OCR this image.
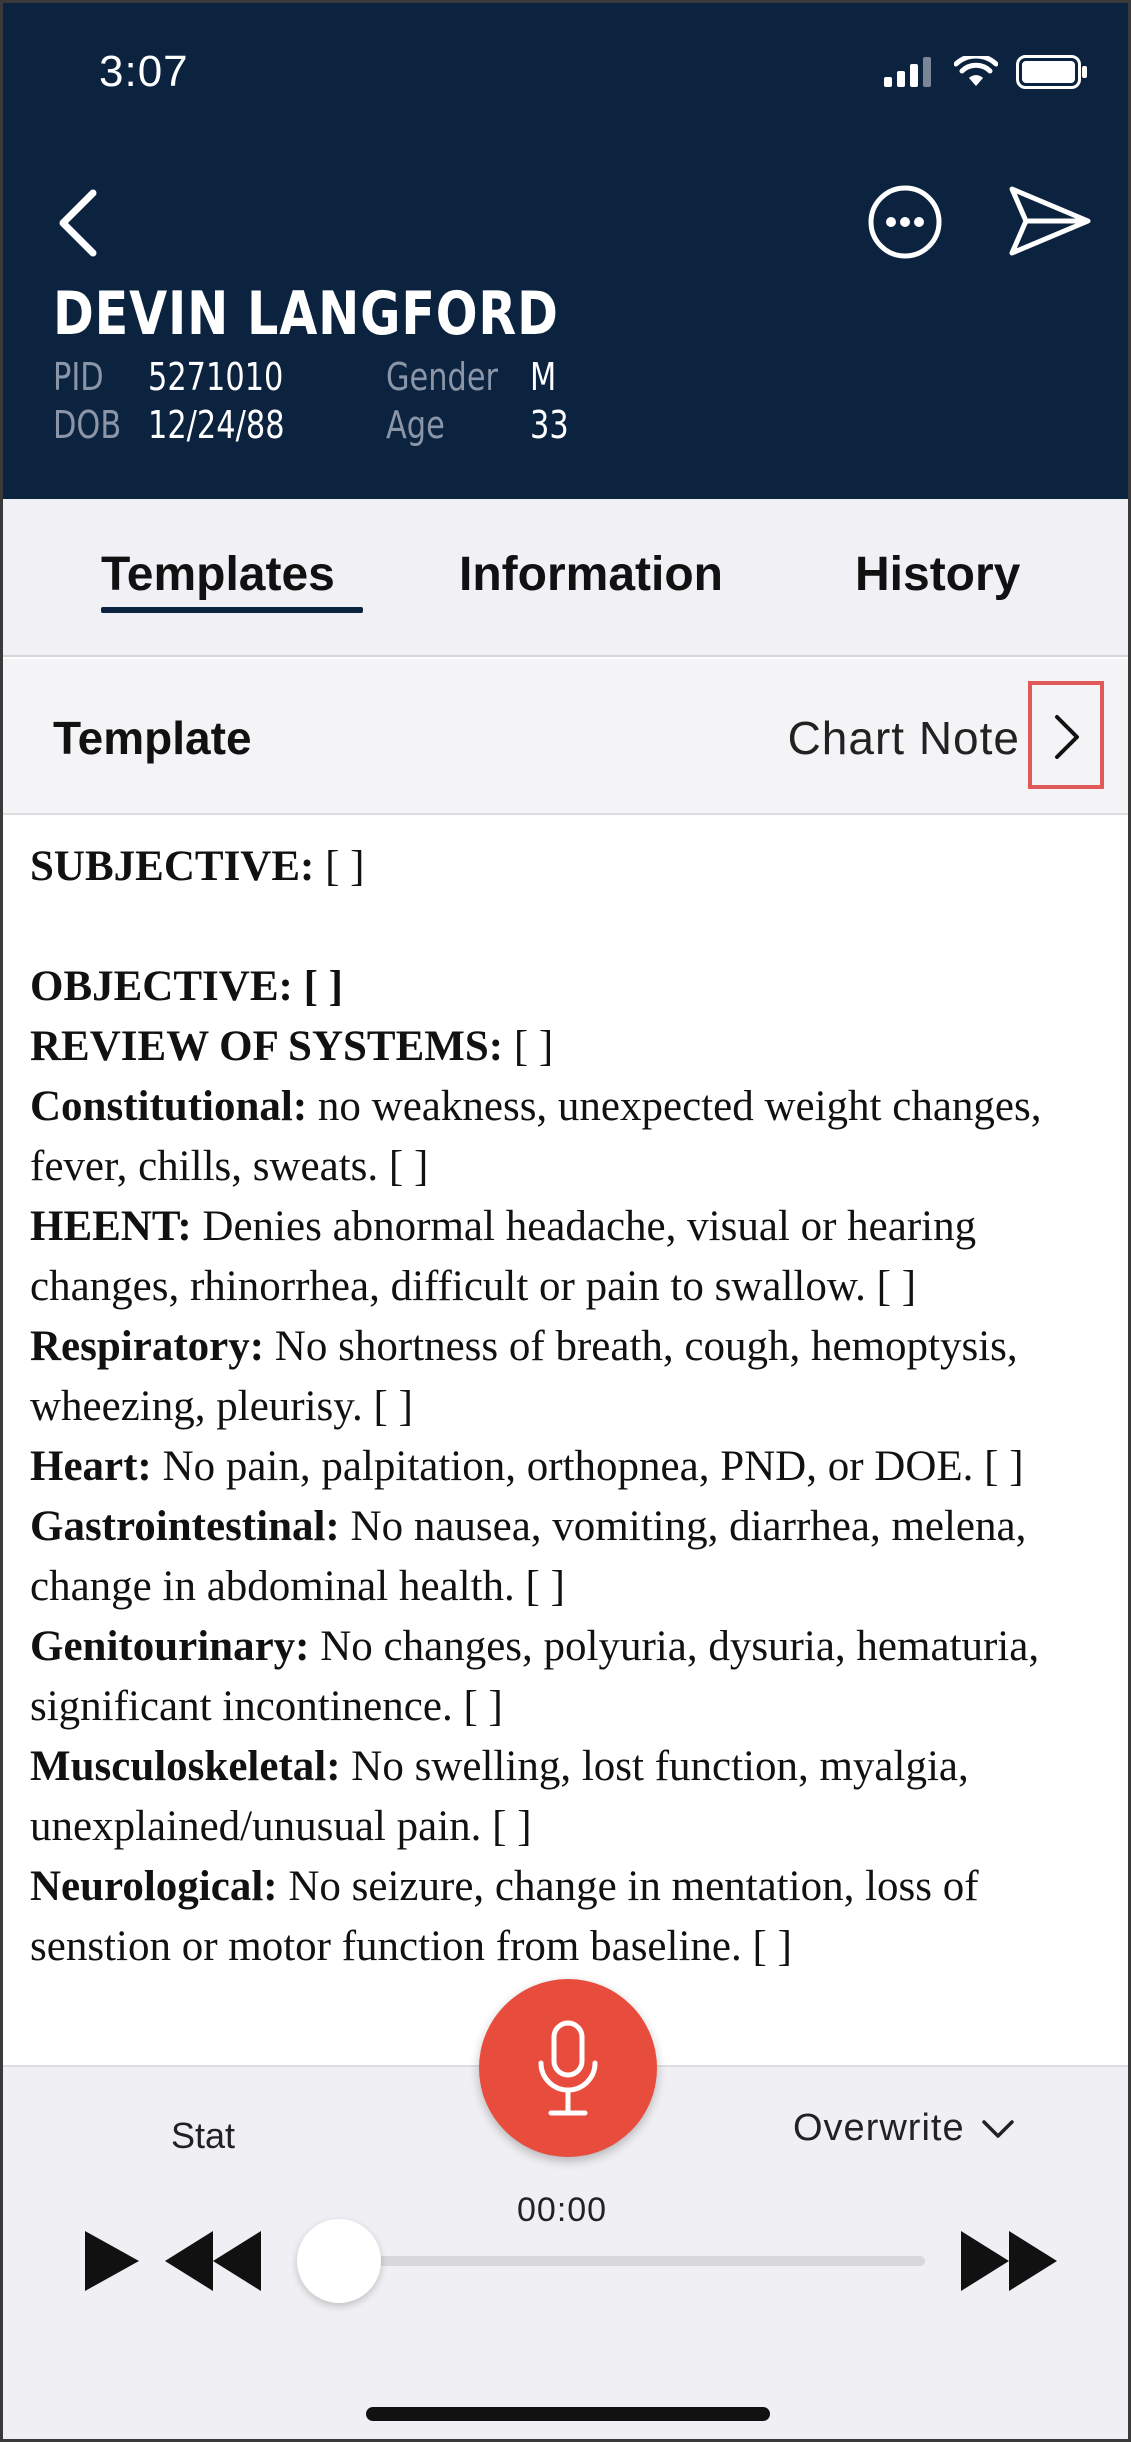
3:07
DEVIN LANGFORD
PID 5271010	Gender M
DOB 12/24/88	Age 33
Templates	Information	History
Template	Chart Note

SUBJECTIVE: [ ]

OBJECTIVE: [ ]

REVIEW OF SYSTEMS: [ ]

Constitutional: no weakness, unexpected weight changes, fever, chills, sweats. [ ]

HEENT: Denies abnormal headache, visual or hearing changes, rhinorrhea, difficult or pain to swallow. [ ]

Respiratory: No shortness of breath, cough, hemoptysis, wheezing, pleurisy. [ ]

Heart: No pain, palpitation, orthopnea, PND, or DOE. [ ]

Gastrointestinal: No nausea, vomiting, diarrhea, melena, change in abdominal health. [ ]

Genitourinary: No changes, polyuria, dysuria, hematuria, significant incontinence. [ ]

Musculoskeletal: No swelling, lost function, myalgia, unexplained/unusual pain. [ ]

Neurological: No seizure, change in mentation, loss of senstion or motor function from baseline. [ ]

Stat	Overwrite
00:00
